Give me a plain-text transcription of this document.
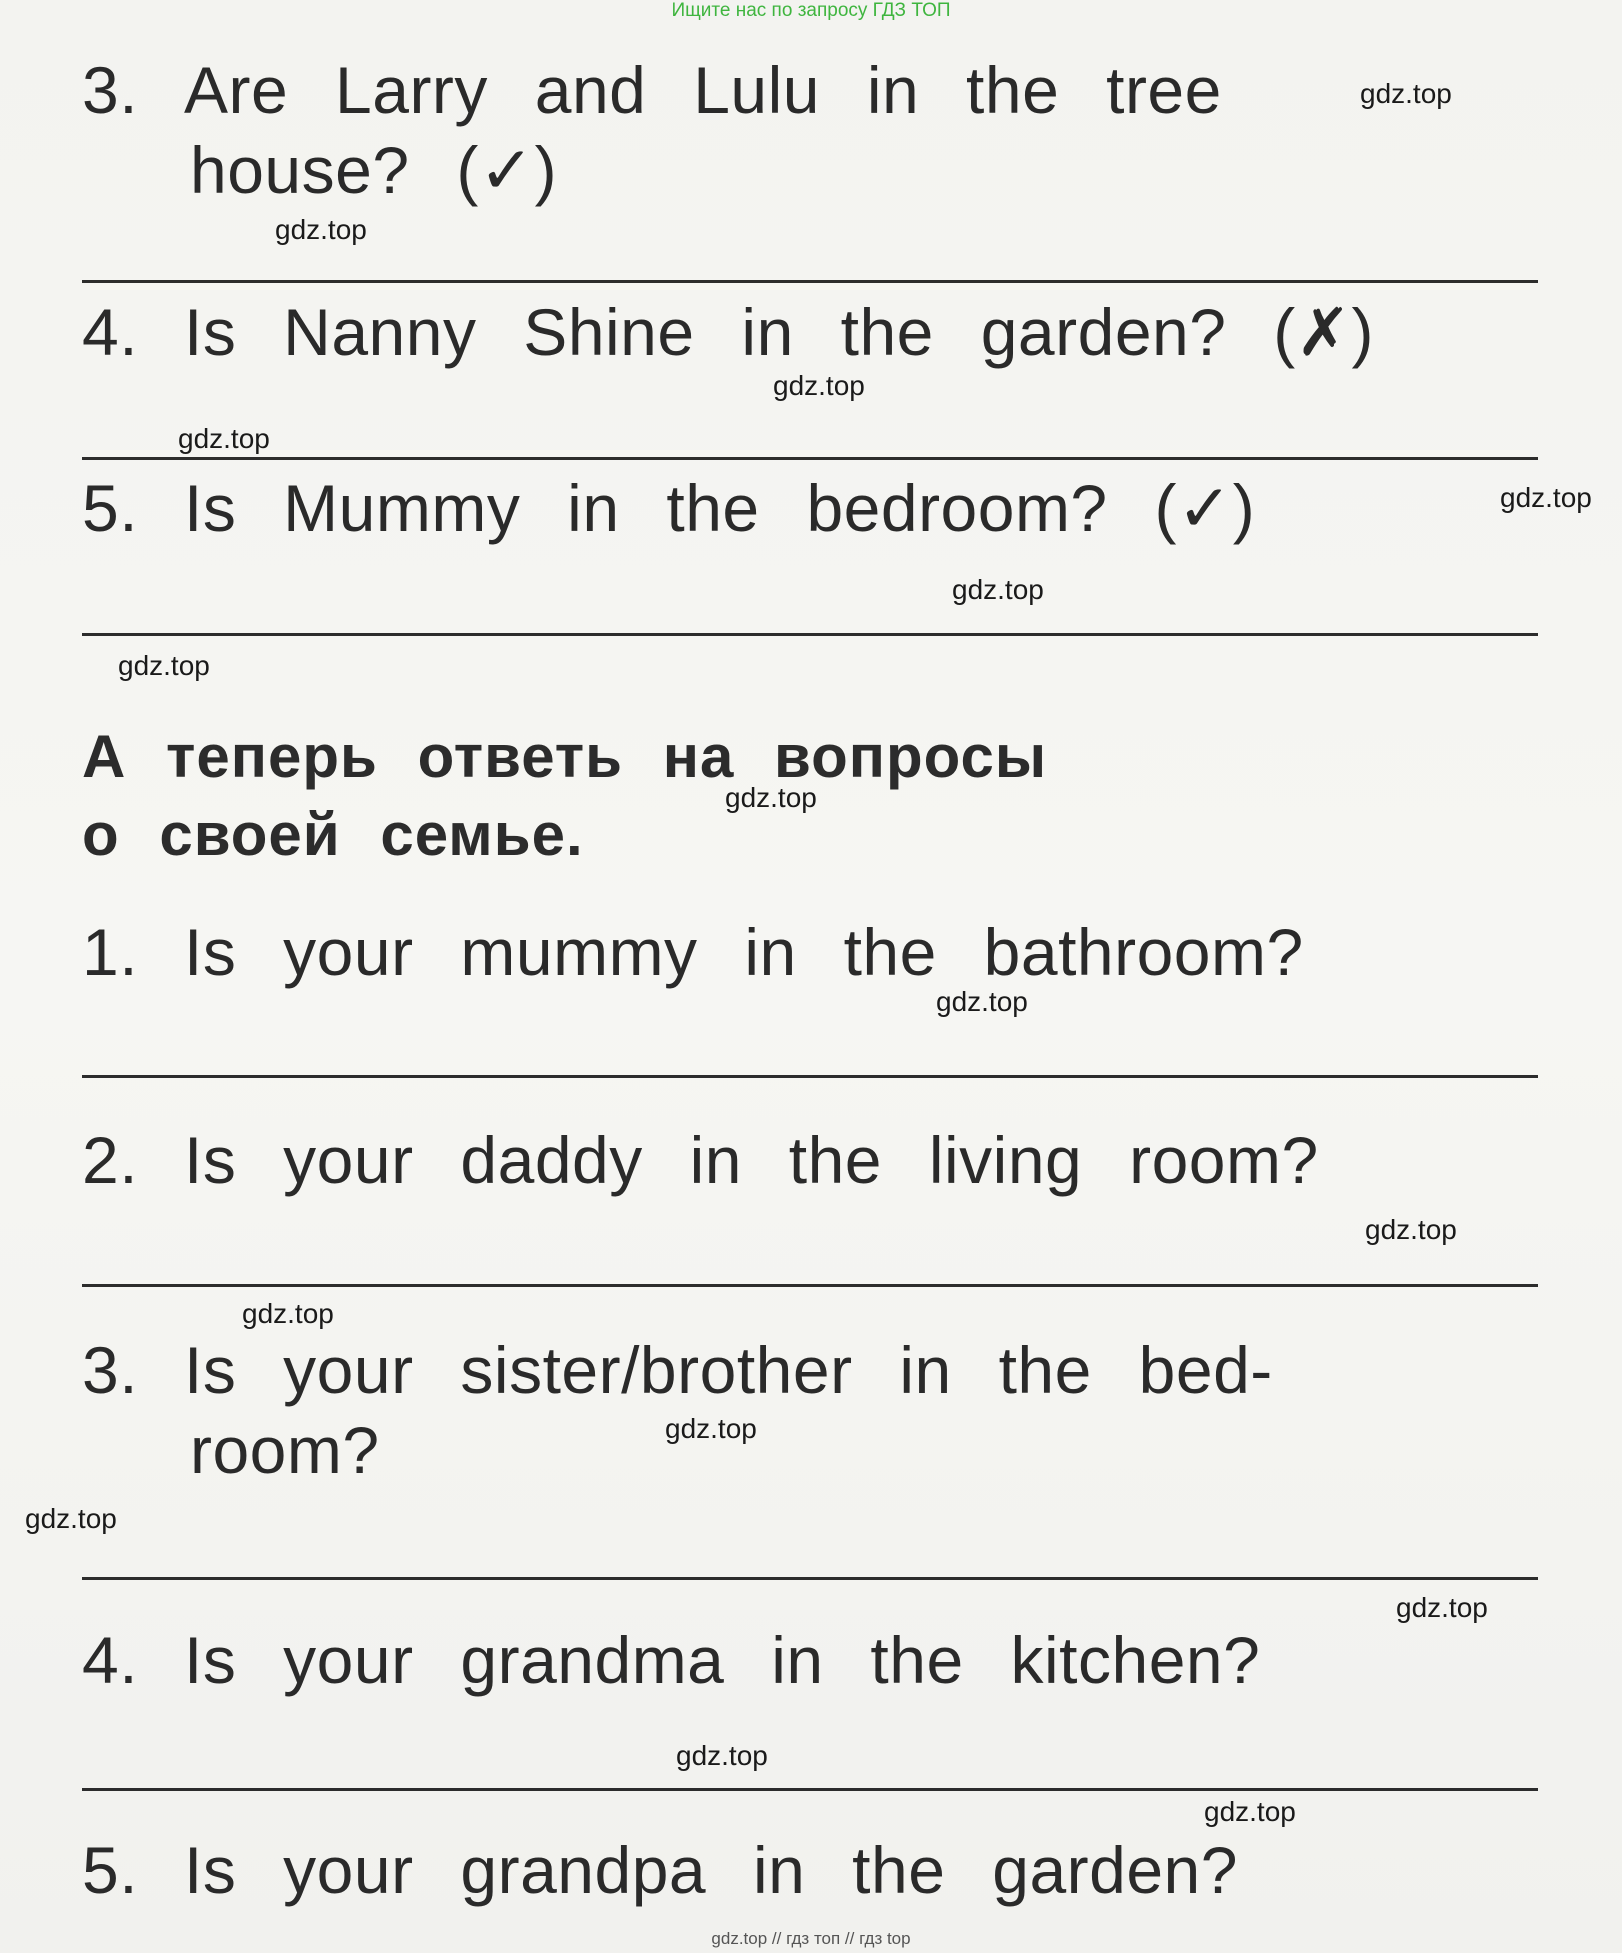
Ищите нас по запросу ГДЗ ТОП
3. Are Larry and Lulu in the tree
house? (✓)
4. Is Nanny Shine in the garden? (✗)
5. Is Mummy in the bedroom? (✓)
А теперь ответь на вопросы
о своей семье.
1. Is your mummy in the bathroom?
2. Is your daddy in the living room?
3. Is your sister/brother in the bed-
room?
4. Is your grandma in the kitchen?
5. Is your grandpa in the garden?
gdz.top
gdz.top
gdz.top
gdz.top
gdz.top
gdz.top
gdz.top
gdz.top
gdz.top
gdz.top
gdz.top
gdz.top
gdz.top
gdz.top
gdz.top
gdz.top
gdz.top // гдз топ // гдз top
